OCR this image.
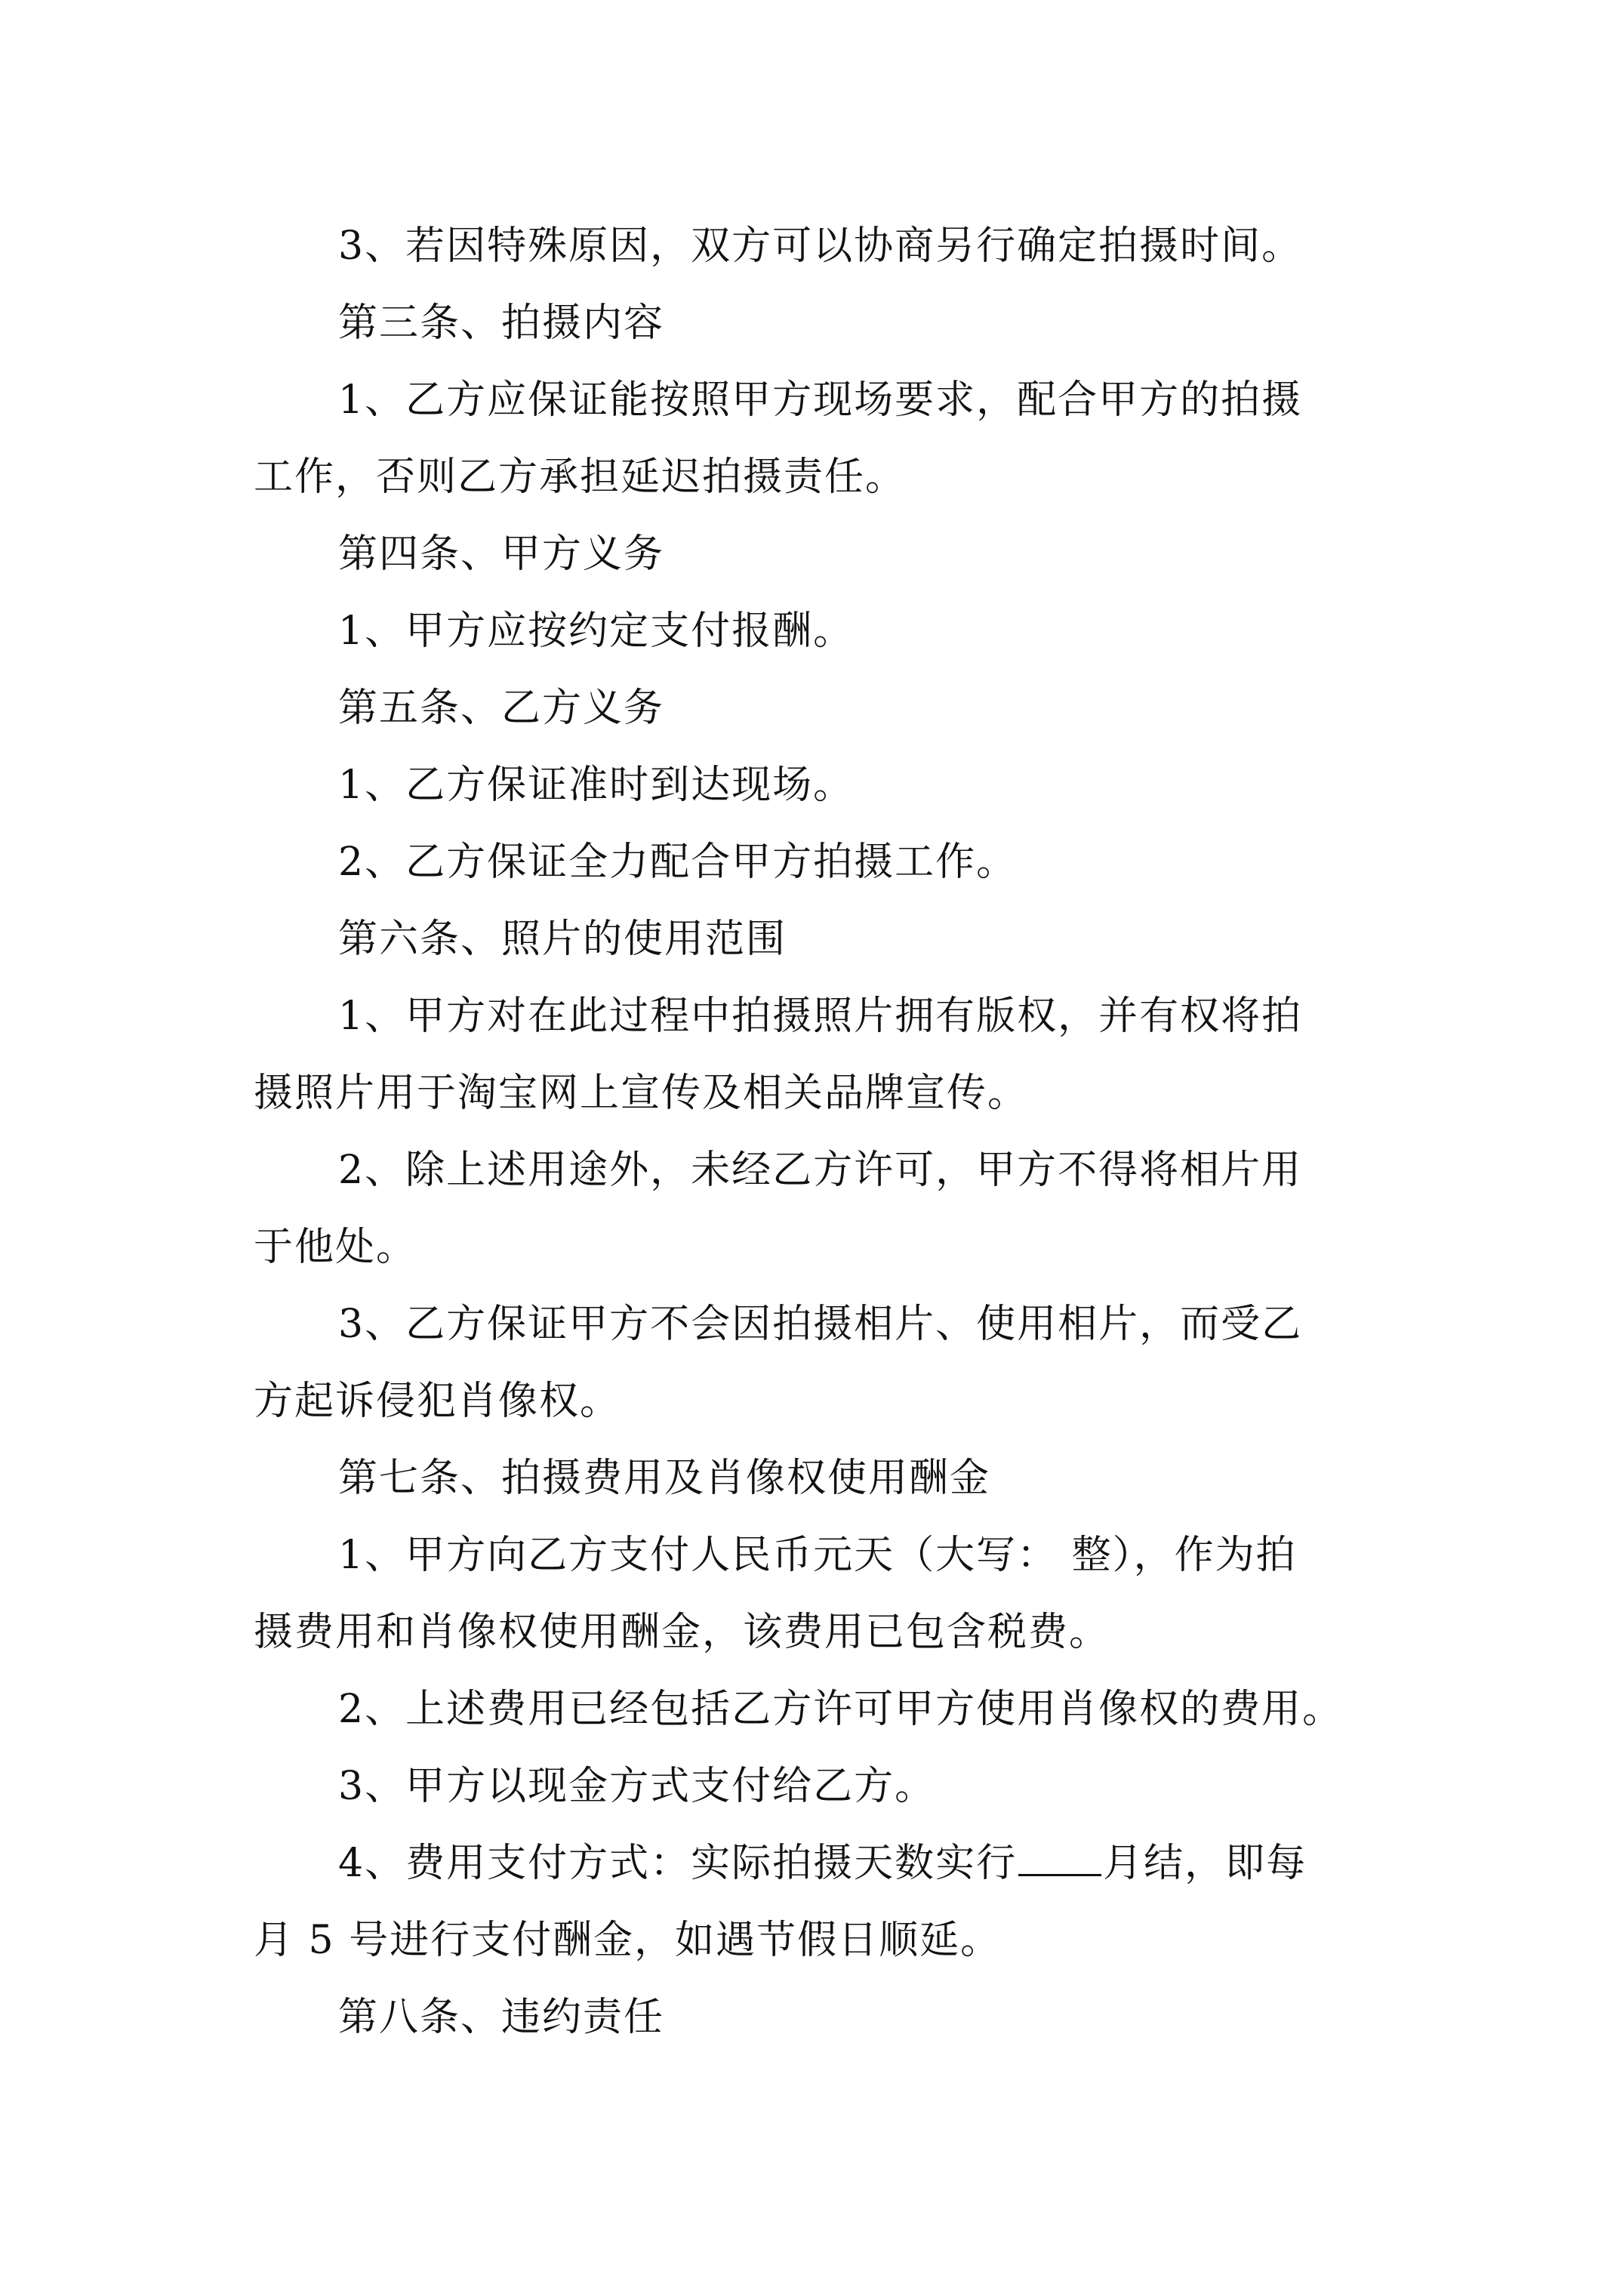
3、若因特殊原因，双方可以协商另行确定拍摄时间。

第三条、拍摄内容

1、乙方应保证能按照甲方现场要求，配合甲方的拍摄

工作，否则乙方承担延迟拍摄责任。

第四条、甲方义务

1、甲方应按约定支付报酬。

第五条、乙方义务

1、乙方保证准时到达现场。

2、乙方保证全力配合甲方拍摄工作。

第六条、照片的使用范围

1、甲方对在此过程中拍摄照片拥有版权，并有权将拍

摄照片用于淘宝网上宣传及相关品牌宣传。

2、除上述用途外，未经乙方许可，甲方不得将相片用

于他处。

3、乙方保证甲方不会因拍摄相片、使用相片，而受乙

方起诉侵犯肖像权。

第七条、拍摄费用及肖像权使用酬金

1、甲方向乙方支付人民币元天（大写： 整），作为拍

摄费用和肖像权使用酬金，该费用已包含税费。

2、上述费用已经包括乙方许可甲方使用肖像权的费用。

3、甲方以现金方式支付给乙方。

4、费用支付方式：实际拍摄天数实行 月结，即每

月 5 号进行支付酬金，如遇节假日顺延。

第八条、违约责任
